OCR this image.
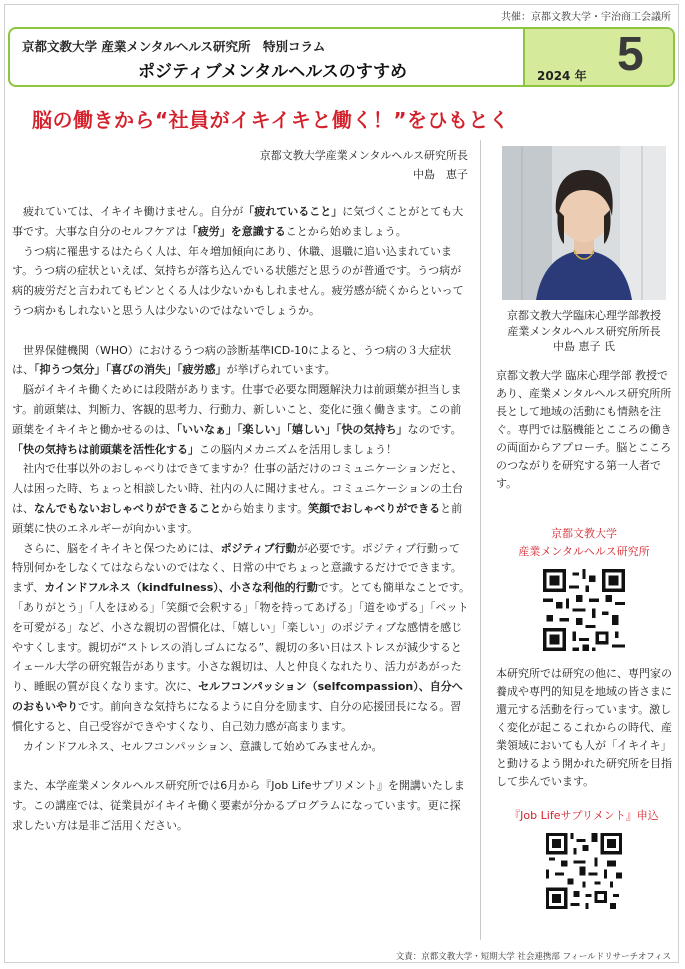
共催：京都文教大学・宇治商工会議所
京都文教大学 産業メンタルヘルス研究所　特別コラム
ポジティブメンタルヘルスのすすめ	2024 年 5
脳の働きから“社員がイキイキと働く！”をひもとく
京都文教大学産業メンタルヘルス研究所長
中島　恵子

疲れていては、イキイキ働けません。自分が「疲れていること」に気づくことがとても大事です。大事な自分のセルフケアは「疲労」を意識することから始めましょう。

うつ病に罹患するはたらく人は、年々増加傾向にあり、休職、退職に追い込まれています。うつ病の症状といえば、気持ちが落ち込んでいる状態だと思うのが普通です。うつ病が病的疲労だと言われてもピンとくる人は少ないかもしれません。疲労感が続くからといってうつ病かもしれないと思う人は少ないのではないでしょうか。

世界保健機関（WHO）におけるうつ病の診断基準ICD-10によると、うつ病の３大症状は、「抑うつ気分」「喜びの消失」「疲労感」が挙げられています。

脳がイキイキ働くためには段階があります。仕事で必要な問題解決力は前頭葉が担当します。前頭葉は、判断力、客観的思考力、行動力、新しいこと、変化に強く働きます。この前頭葉をイキイキと働かせるのは、「いいなぁ」「楽しい」「嬉しい」「快の気持ち」なのです。「快の気持ちは前頭葉を活性化する」この脳内メカニズムを活用しましょう！

社内で仕事以外のおしゃべりはできてますか？仕事の話だけのコミュニケーションだと、人は困った時、ちょっと相談したい時、社内の人に聞けません。コミュニケーションの土台は、なんでもないおしゃべりができることから始まります。笑顔でおしゃべりができると前頭葉に快のエネルギーが向かいます。

さらに、脳をイキイキと保つためには、ポジティブ行動が必要です。ポジティブ行動って特別何かをしなくてはならないのではなく、日常の中でちょっと意識するだけでできます。まず、カインドフルネス（kindfulness）、小さな利他的行動です。とても簡単なことです。「ありがとう」「人をほめる」「笑顔で会釈する」「物を持ってあげる」「道をゆずる」「ペットを可愛がる」など、小さな親切の習慣化は、「嬉しい」「楽しい」のポジティブな感情を感じやすくします。親切が“ストレスの消しゴムになる”、親切の多い日はストレスが減少するとイェール大学の研究報告があります。小さな親切は、人と仲良くなれたり、活力があがったり、睡眠の質が良くなります。次に、セルフコンパッション（selfcompassion）、自分へのおもいやりです。前向きな気持ちになるように自分を励ます、自分の応援団長になる。習慣化すると、自己受容ができやすくなり、自己効力感が高まります。

カインドフルネス、セルフコンパッション、意識して始めてみませんか。

また、本学産業メンタルヘルス研究所では6月から『Job Lifeサプリメント』を開講いたします。この講座では、従業員がイキイキ働く要素が分かるプログラムになっています。更に探求したい方は是非ご活用ください。

京都文教大学臨床心理学部教授
産業メンタルヘルス研究所所長
中島 恵子 氏
京都文教大学 臨床心理学部 教授であり、産業メンタルヘルス研究所所長として地域の活動にも情熱を注ぐ。専門では脳機能とこころの働きの両面からアプローチ。脳とこころのつながりを研究する第一人者です。
京都文教大学
産業メンタルヘルス研究所
本研究所では研究の他に、専門家の養成や専門的知見を地域の皆さまに還元する活動を行っています。激しく変化が起こるこれからの時代、産業領域においても人が「イキイキ」と動けるよう開かれた研究所を目指して歩んでいます。
『Job Lifeサプリメント』申込
文責：京都文教大学・短期大学 社会連携部 フィールドリサーチオフィス
